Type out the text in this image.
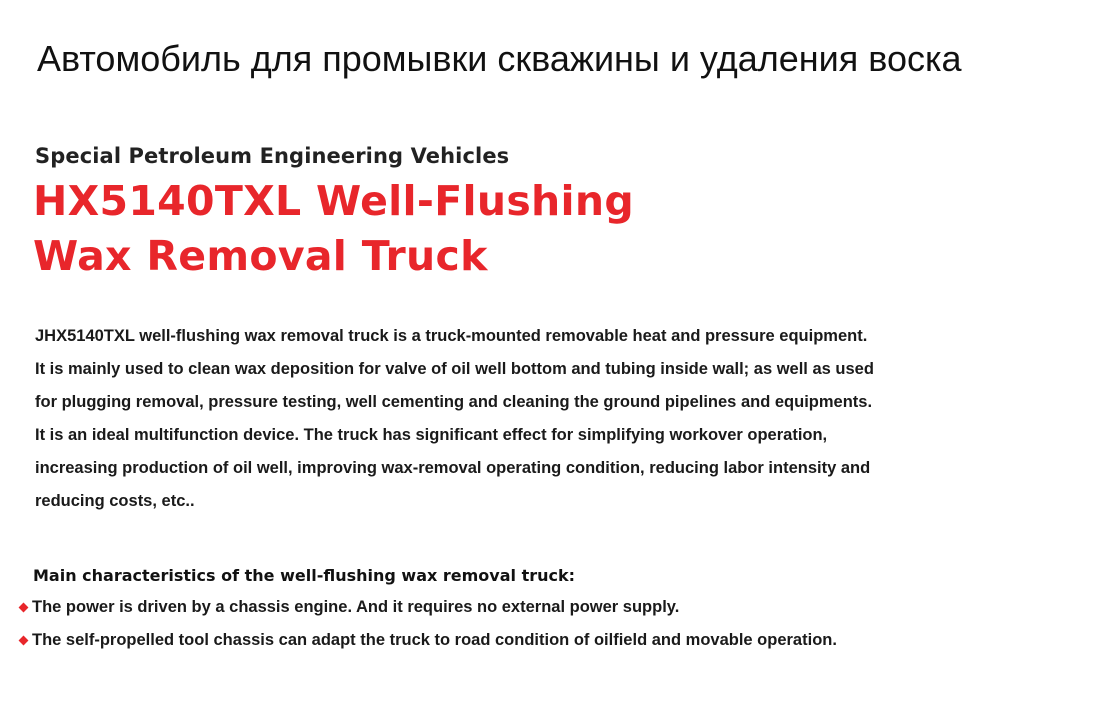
Автомобиль для промывки скважины и удаления воска
Special Petroleum Engineering Vehicles
HX5140TXL Well-Flushing
Wax Removal Truck
JHX5140TXL well-flushing wax removal truck is a truck-mounted removable heat and pressure equipment.
It is mainly used to clean wax deposition for valve of oil well bottom and tubing inside wall; as well as used
for plugging removal, pressure testing, well cementing and cleaning the ground pipelines and equipments.
It is an ideal multifunction device. The truck has significant effect for simplifying workover operation,
increasing production of oil well, improving wax-removal operating condition, reducing labor intensity and
reducing costs, etc..
Main characteristics of the well-flushing wax removal truck:
The power is driven by a chassis engine. And it requires no external power supply.
The self-propelled tool chassis can adapt the truck to road condition of oilfield and movable operation.
